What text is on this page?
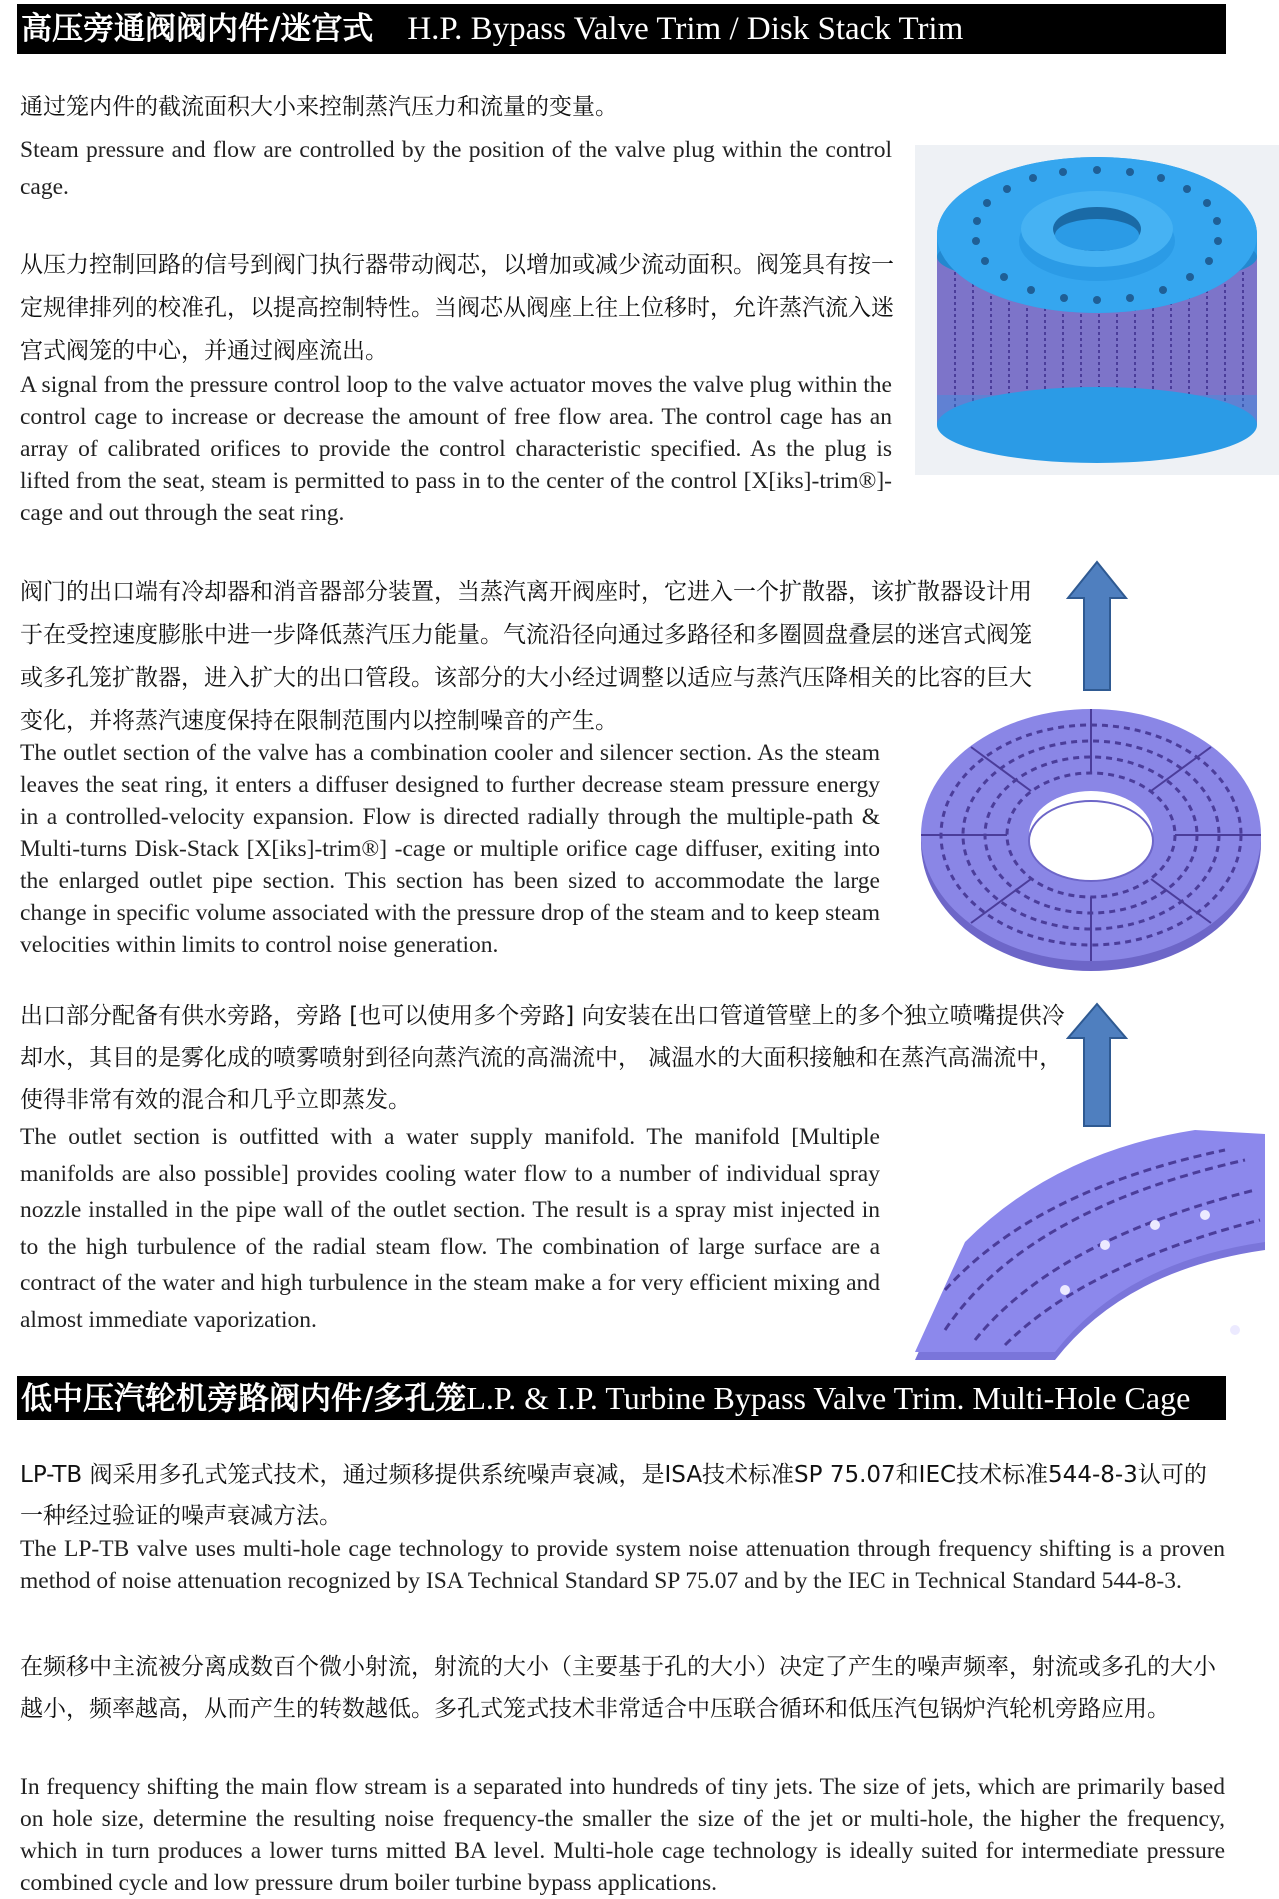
高压旁通阀阀内件/迷宫式 H.P. Bypass Valve Trim / Disk Stack Trim

通过笼内件的截流面积大小来控制蒸汽压力和流量的变量。

Steam pressure and flow are controlled by the position of the valve plug within the control cage.

从压力控制回路的信号到阀门执行器带动阀芯，以增加或减少流动面积。阀笼具有按一定规律排列的校准孔，以提高控制特性。当阀芯从阀座上往上位移时，允许蒸汽流入迷宫式阀笼的中心，并通过阀座流出。

A signal from the pressure control loop to the valve actuator moves the valve plug within the control cage to increase or decrease the amount of free flow area. The control cage has an array of calibrated orifices to provide the control characteristic specified. As the plug is lifted from the seat, steam is permitted to pass in to the center of the control [X[iks]-trim®]-cage and out through the seat ring.

阀门的出口端有冷却器和消音器部分装置，当蒸汽离开阀座时，它进入一个扩散器，该扩散器设计用于在受控速度膨胀中进一步降低蒸汽压力能量。气流沿径向通过多路径和多圈圆盘叠层的迷宫式阀笼或多孔笼扩散器，进入扩大的出口管段。该部分的大小经过调整以适应与蒸汽压降相关的比容的巨大变化，并将蒸汽速度保持在限制范围内以控制噪音的产生。

The outlet section of the valve has a combination cooler and silencer section. As the steam leaves the seat ring, it enters a diffuser designed to further decrease steam pressure energy in a controlled-velocity expansion. Flow is directed radially through the multiple-path & Multi-turns Disk-Stack [X[iks]-trim®] -cage or multiple orifice cage diffuser, exiting into the enlarged outlet pipe section. This section has been sized to accommodate the large change in specific volume associated with the pressure drop of the steam and to keep steam velocities within limits to control noise generation.

出口部分配备有供水旁路，旁路 [也可以使用多个旁路] 向安装在出口管道管壁上的多个独立喷嘴提供冷却水，其目的是雾化成的喷雾喷射到径向蒸汽流的高湍流中， 减温水的大面积接触和在蒸汽高湍流中，使得非常有效的混合和几乎立即蒸发。

The outlet section is outfitted with a water supply manifold. The manifold [Multiple manifolds are also possible] provides cooling water flow to a number of individual spray nozzle installed in the pipe wall of the outlet section. The result is a spray mist injected in to the high turbulence of the radial steam flow. The combination of large surface are a contract of the water and high turbulence in the steam make a for very efficient mixing and almost immediate vaporization.

低中压汽轮机旁路阀内件/多孔笼L.P. & I.P. Turbine Bypass Valve Trim. Multi-Hole Cage

LP-TB 阀采用多孔式笼式技术，通过频移提供系统噪声衰减，是ISA技术标准SP 75.07和IEC技术标准544-8-3认可的一种经过验证的噪声衰减方法。

The LP-TB valve uses multi-hole cage technology to provide system noise attenuation through frequency shifting is a proven method of noise attenuation recognized by ISA Technical Standard SP 75.07 and by the IEC in Technical Standard 544-8-3.

在频移中主流被分离成数百个微小射流，射流的大小（主要基于孔的大小）决定了产生的噪声频率，射流或多孔的大小越小，频率越高，从而产生的转数越低。多孔式笼式技术非常适合中压联合循环和低压汽包锅炉汽轮机旁路应用。

In frequency shifting the main flow stream is a separated into hundreds of tiny jets. The size of jets, which are primarily based on hole size, determine the resulting noise frequency-the smaller the size of the jet or multi-hole, the higher the frequency, which in turn produces a lower turns mitted BA level. Multi-hole cage technology is ideally suited for intermediate pressure combined cycle and low pressure drum boiler turbine bypass applications.
